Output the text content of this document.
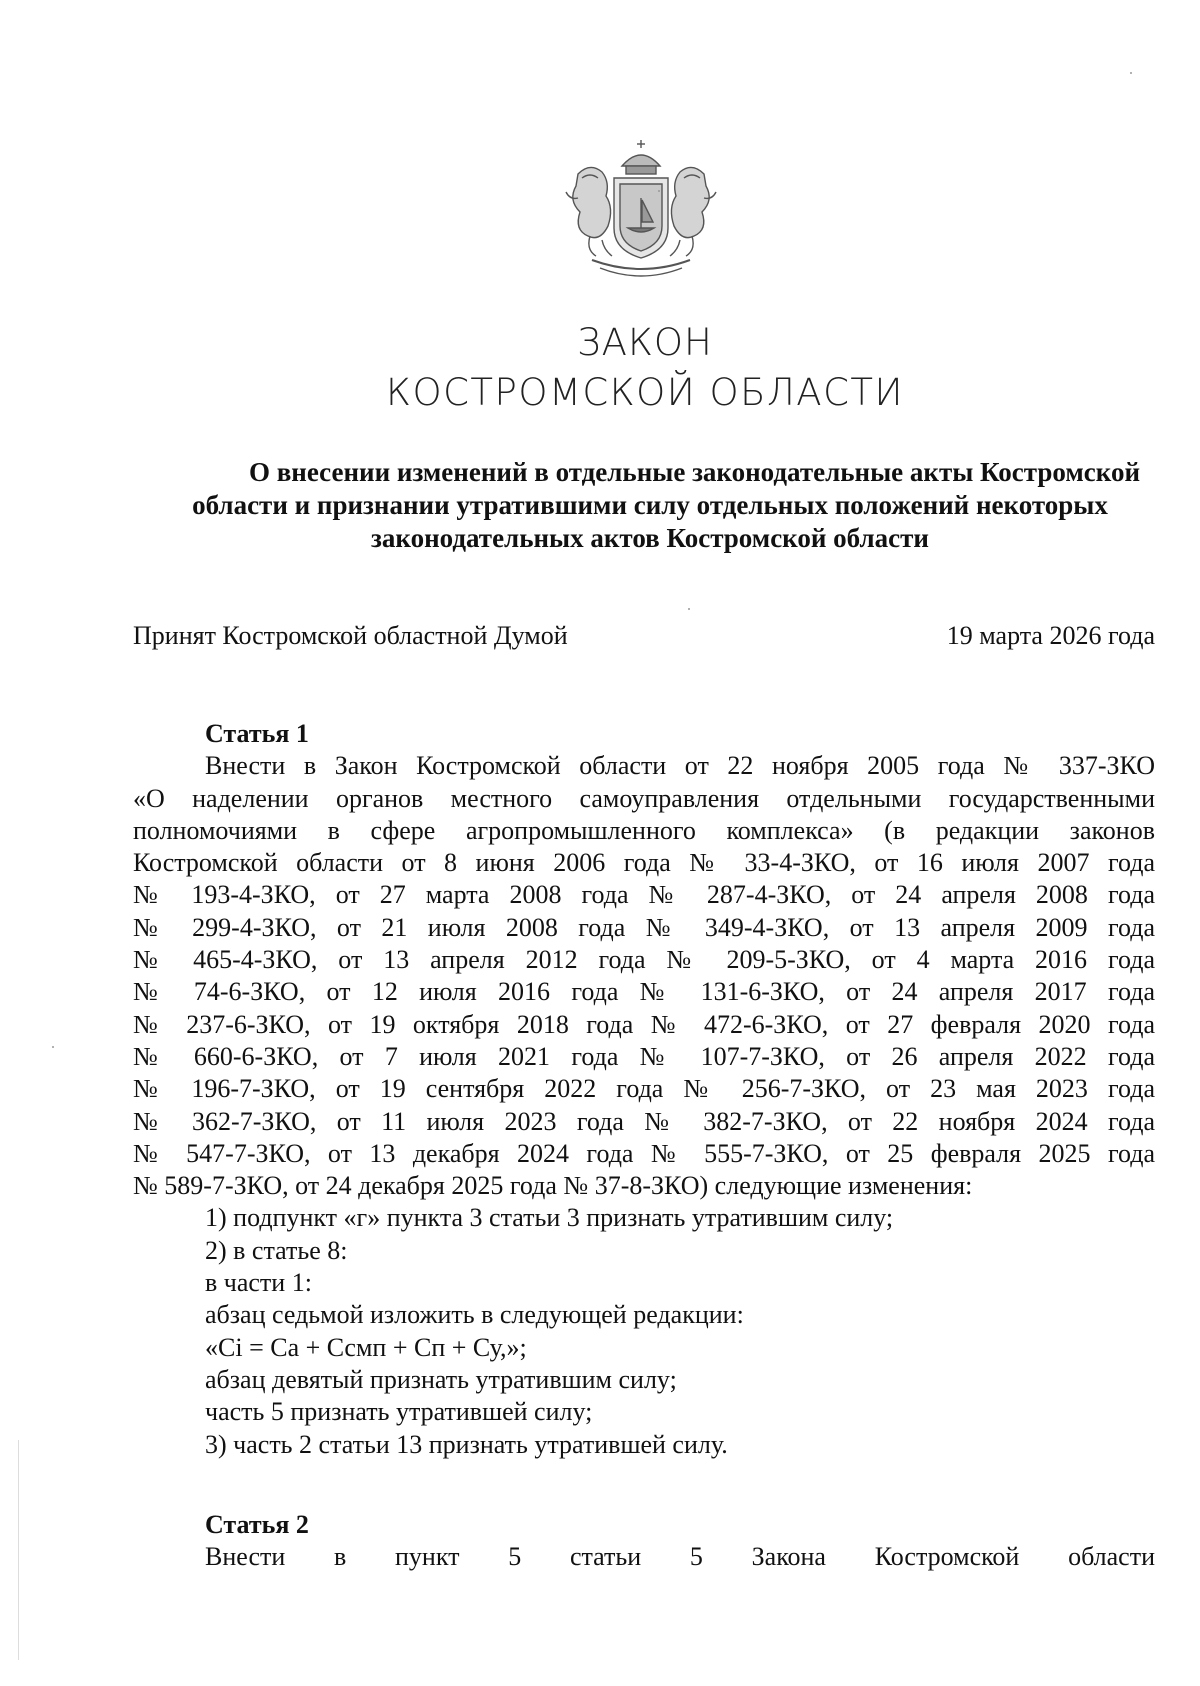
ЗАКОН
КОСТРОМСКОЙ ОБЛАСТИ
О внесении изменений в отдельные законодательные акты Костромской
области и признании утратившими силу отдельных положений некоторых
законодательных актов Костромской области
Принят Костромской областной Думой	19 марта 2026 года
Статья 1
Внести в Закон Костромской области от 22 ноября 2005 года № 337-ЗКО
«О наделении органов местного самоуправления отдельными государственными
полномочиями в сфере агропромышленного комплекса» (в редакции законов
Костромской области от 8 июня 2006 года № 33-4-ЗКО, от 16 июля 2007 года
№ 193-4-ЗКО, от 27 марта 2008 года № 287-4-ЗКО, от 24 апреля 2008 года
№ 299-4-ЗКО, от 21 июля 2008 года № 349-4-ЗКО, от 13 апреля 2009 года
№ 465-4-ЗКО, от 13 апреля 2012 года № 209-5-ЗКО, от 4 марта 2016 года
№ 74-6-ЗКО, от 12 июля 2016 года № 131-6-ЗКО, от 24 апреля 2017 года
№ 237-6-ЗКО, от 19 октября 2018 года № 472-6-ЗКО, от 27 февраля 2020 года
№ 660-6-ЗКО, от 7 июля 2021 года № 107-7-ЗКО, от 26 апреля 2022 года
№ 196-7-ЗКО, от 19 сентября 2022 года № 256-7-ЗКО, от 23 мая 2023 года
№ 362-7-ЗКО, от 11 июля 2023 года № 382-7-ЗКО, от 22 ноября 2024 года
№ 547-7-ЗКО, от 13 декабря 2024 года № 555-7-ЗКО, от 25 февраля 2025 года
№ 589-7-ЗКО, от 24 декабря 2025 года № 37-8-ЗКО) следующие изменения:
1) подпункт «г» пункта 3 статьи 3 признать утратившим силу;
2) в статье 8:
в части 1:
абзац седьмой изложить в следующей редакции:
«Сi = Са + Ссмп + Сп + Су,»;
абзац девятый признать утратившим силу;
часть 5 признать утратившей силу;
3) часть 2 статьи 13 признать утратившей силу.
Статья 2
Внести в пункт 5 статьи 5 Закона Костромской области
